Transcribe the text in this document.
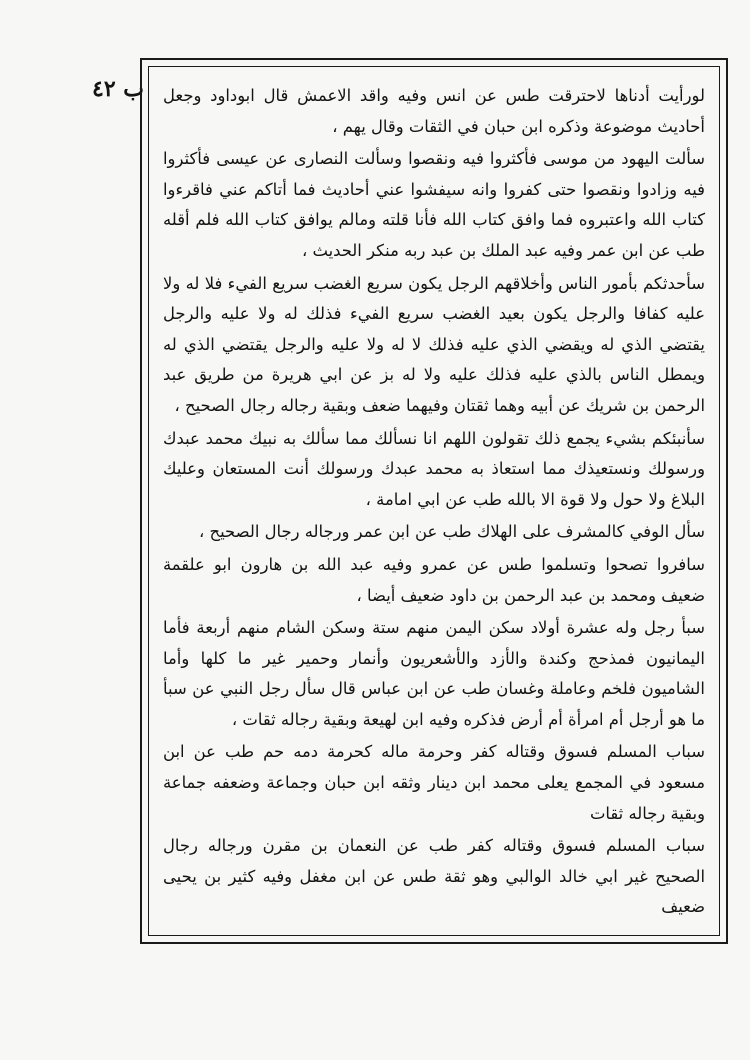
ب ٤٢ لورأيت أدناها لاحترقت طس عن انس وفيه واقد الاعمش قال ابوداود وجعل أحاديث موضوعة وذكره ابن حبان في الثقات وقال يهم ،

سألت اليهود من موسى فأكثروا فيه ونقصوا وسألت النصارى عن عيسى فأكثروا فيه وزادوا ونقصوا حتى كفروا وانه سيفشوا عني أحاديث فما أتاكم عني فاقرءوا كتاب الله واعتبروه فما وافق كتاب الله فأنا قلته ومالم يوافق كتاب الله فلم أقله طب عن ابن عمر وفيه عبد الملك بن عبد ربه منكر الحديث ،

سأحدثكم بأمور الناس وأخلاقهم الرجل يكون سريع الغضب سريع الفيء فلا له ولا عليه كفافا والرجل يكون بعيد الغضب سريع الفيء فذلك له ولا عليه والرجل يقتضي الذي له ويقضي الذي عليه فذلك لا له ولا عليه والرجل يقتضي الذي له ويمطل الناس بالذي عليه فذلك عليه ولا له بز عن ابي هريرة من طريق عبد الرحمن بن شريك عن أبيه وهما ثقتان وفيهما ضعف وبقية رجاله رجال الصحيح ،

سأنبئكم بشيء يجمع ذلك تقولون اللهم انا نسألك مما سألك به نبيك محمد عبدك ورسولك ونستعيذك مما استعاذ به محمد عبدك ورسولك أنت المستعان وعليك البلاغ ولا حول ولا قوة الا بالله طب عن ابي امامة ،

سأل الوفي كالمشرف على الهلاك طب عن ابن عمر ورجاله رجال الصحيح ،

سافروا تصحوا وتسلموا طس عن عمرو وفيه عبد الله بن هارون ابو علقمة ضعيف ومحمد بن عبد الرحمن بن داود ضعيف أيضا ،

سبأ رجل وله عشرة أولاد سكن اليمن منهم ستة وسكن الشام منهم أربعة فأما اليمانيون فمذحج وكندة والأزد والأشعريون وأنمار وحمير غير ما كلها وأما الشاميون فلخم وعاملة وغسان طب عن ابن عباس قال سأل رجل النبي عن سبأ ما هو أرجل أم امرأة أم أرض فذكره وفيه ابن لهيعة وبقية رجاله ثقات ،

سباب المسلم فسوق وقتاله كفر وحرمة ماله كحرمة دمه حم طب عن ابن مسعود في المجمع يعلى محمد ابن دينار وثقه ابن حبان وجماعة وضعفه جماعة وبقية رجاله ثقات

سباب المسلم فسوق وقتاله كفر طب عن النعمان بن مقرن ورجاله رجال الصحيح غير ابي خالد الوالبي وهو ثقة طس عن ابن مغفل وفيه كثير بن يحيى ضعيف
